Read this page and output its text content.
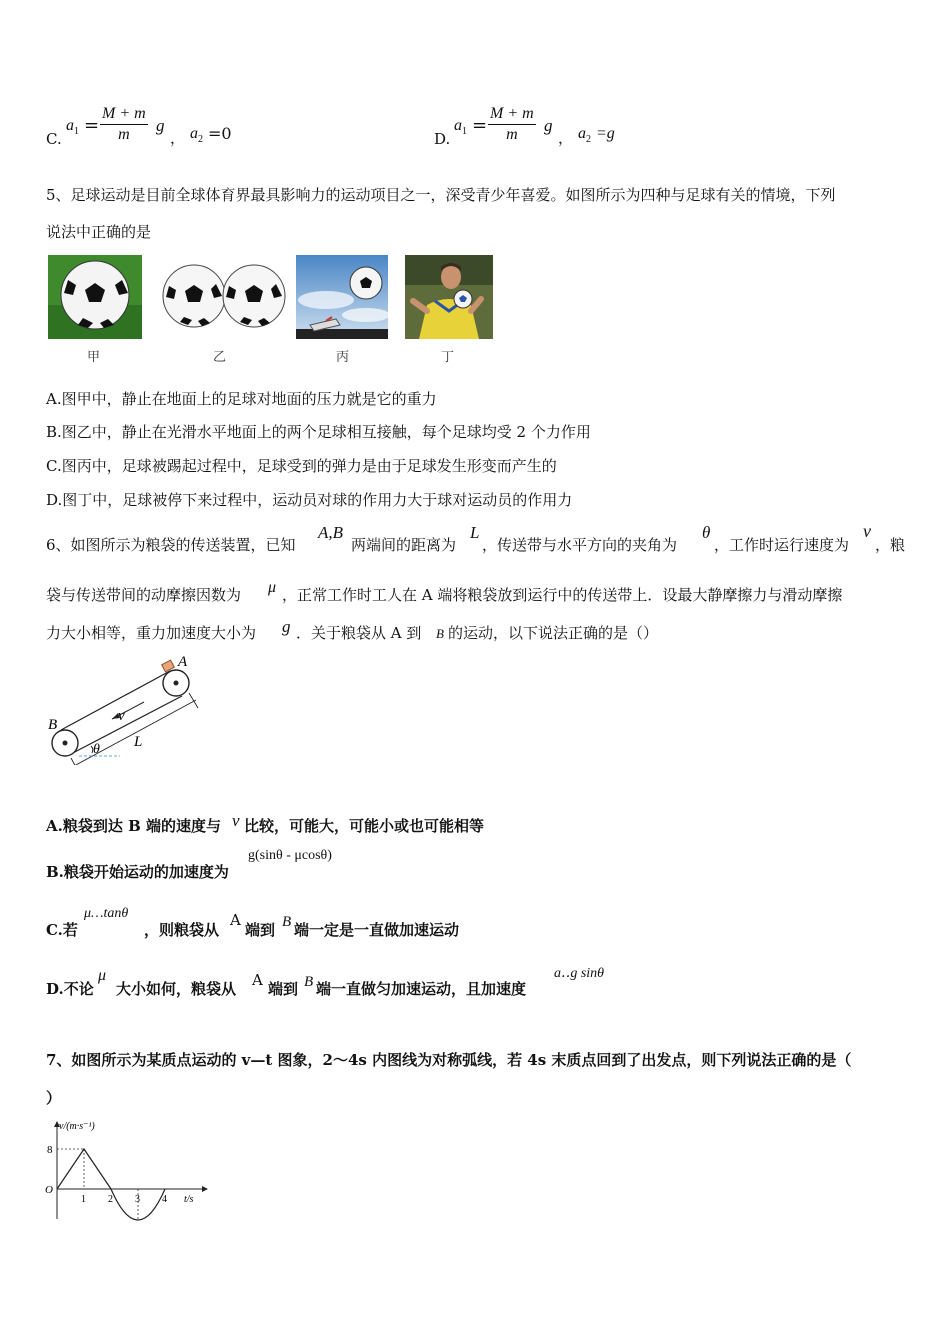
C.
$a_1 = \frac{M + m}{m}$ g
， $a_2 =0$	D.
$a_1 = \frac{M + m}{m}$ g
， $a_2 =g$
5、足球运动是目前全球体育界最具影响力的运动项目之一，深受青少年喜爱。如图所示为四种与足球有关的情境，下列
说法中正确的是
甲	乙	丙	丁
A.图甲中，静止在地面上的足球对地面的压力就是它的重力
B.图乙中，静止在光滑水平地面上的两个足球相互接触，每个足球均受 2 个力作用
C.图丙中，足球被踢起过程中，足球受到的弹力是由于足球发生形变而产生的
D.图丁中，足球被停下来过程中，运动员对球的作用力大于球对运动员的作用力
6、如图所示为粮袋的传送装置，已知
A,B
两端间的距离为
L
，传送带与水平方向的夹角为
θ
，工作时运行速度为
v
，粮
袋与传送带间的动摩擦因数为 μ ，正常工作时工人在 A 端将粮袋放到运行中的传送带上．设最大静摩擦力与滑动摩擦
力大小相等，重力加速度大小为 g ．关于粮袋从 A 到 B 的运动，以下说法正确的是（）
A
B
v
L
θ
A.粮袋到达 B 端的速度与 v 比较，可能大，可能小或也可能相等
B.粮袋开始运动的加速度为
g(sinθ - μcosθ)
C.若
μ…tanθ
，则粮袋从
A
端到 B 端一定是一直做加速运动
D.不论
μ
大小如何，粮袋从 A 端到 B 端一直做匀加速运动，且加速度
a‥g sinθ
7、如图所示为某质点运动的 v—t 图象，2～4s 内图线为对称弧线，若 4s 末质点回到了出发点，则下列说法正确的是（
）
v/(m·s⁻¹)
t/s
O
8
1 2 3 4
